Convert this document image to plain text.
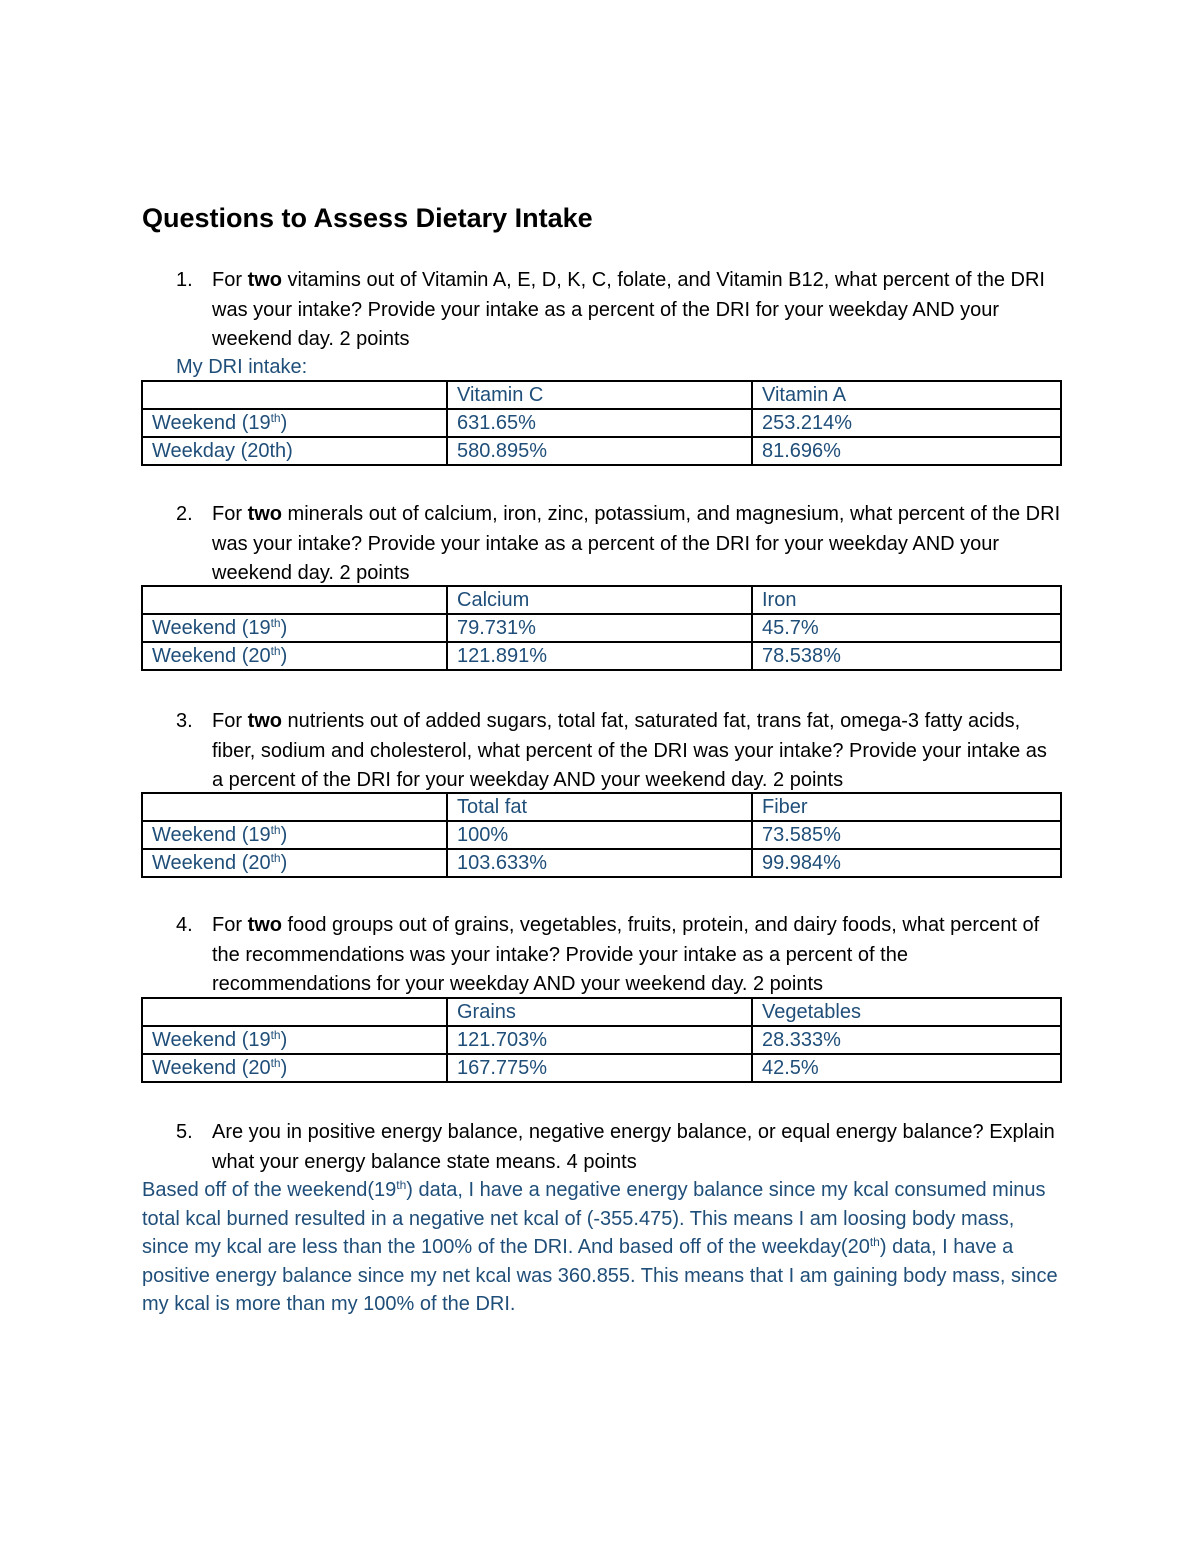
Questions to Assess Dietary Intake

1. For two vitamins out of Vitamin A, E, D, K, C, folate, and Vitamin B12, what percent of the DRI was your intake? Provide your intake as a percent of the DRI for your weekday AND your weekend day. 2 points

My DRI intake:
	Vitamin C	Vitamin A
Weekend (19th)	631.65%	253.214%
Weekday (20th)	580.895%	81.696%

2. For two minerals out of calcium, iron, zinc, potassium, and magnesium, what percent of the DRI was your intake? Provide your intake as a percent of the DRI for your weekday AND your weekend day. 2 points

	Calcium	Iron
Weekend (19th)	79.731%	45.7%
Weekend (20th)	121.891%	78.538%

3. For two nutrients out of added sugars, total fat, saturated fat, trans fat, omega-3 fatty acids, fiber, sodium and cholesterol, what percent of the DRI was your intake? Provide your intake as a percent of the DRI for your weekday AND your weekend day. 2 points

	Total fat	Fiber
Weekend (19th)	100%	73.585%
Weekend (20th)	103.633%	99.984%

4. For two food groups out of grains, vegetables, fruits, protein, and dairy foods, what percent of the recommendations was your intake? Provide your intake as a percent of the recommendations for your weekday AND your weekend day. 2 points

	Grains	Vegetables
Weekend (19th)	121.703%	28.333%
Weekend (20th)	167.775%	42.5%

5. Are you in positive energy balance, negative energy balance, or equal energy balance? Explain what your energy balance state means. 4 points

Based off of the weekend(19th) data, I have a negative energy balance since my kcal consumed minus total kcal burned resulted in a negative net kcal of (-355.475). This means I am loosing body mass, since my kcal are less than the 100% of the DRI. And based off of the weekday(20th) data, I have a positive energy balance since my net kcal was 360.855. This means that I am gaining body mass, since my kcal is more than my 100% of the DRI.
